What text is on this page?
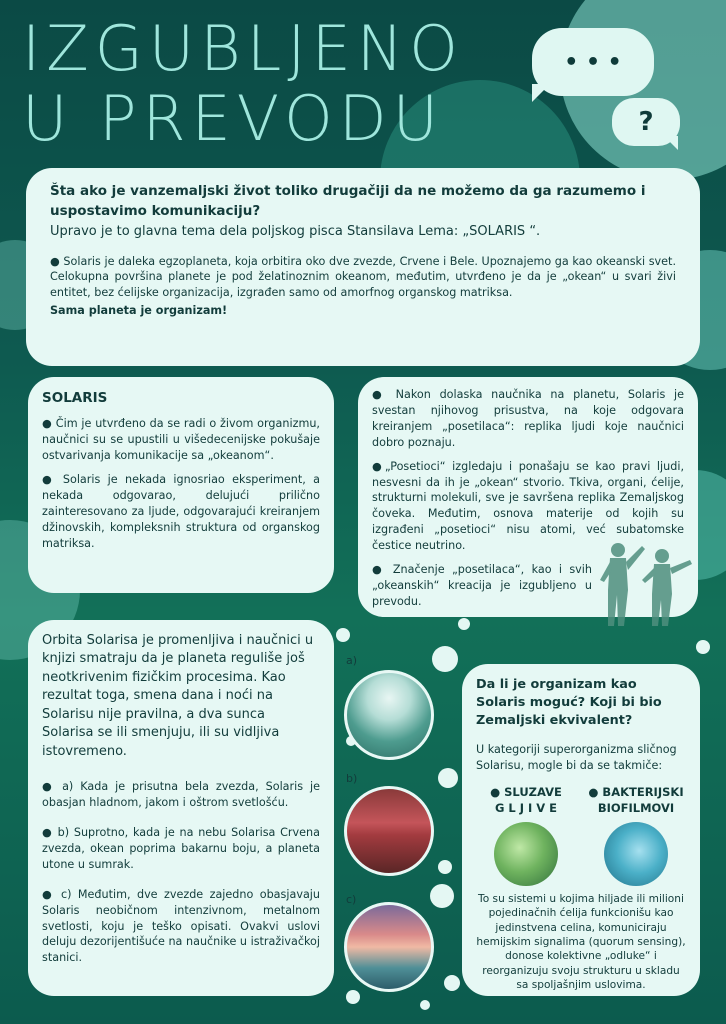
IZGUBLJENO
U PREVODU
• • •
?
Šta ako je vanzemaljski život toliko drugačiji da ne možemo da ga razumemo i uspostavimo komunikaciju?
Upravo je to glavna tema dela poljskog pisca Stansilava Lema: „SOLARIS “.
● Solaris je daleka egzoplaneta, koja orbitira oko dve zvezde, Crvene i Bele. Upoznajemo ga kao okeanski svet. Celokupna površina planete je pod želatinoznim okeanom, međutim, utvrđeno je da je „okean“ u svari živi entitet, bez ćelijske organizacija, izgrađen samo od amorfnog organskog matriksa.
Sama planeta je organizam!
SOLARIS

● Čim je utvrđeno da se radi o živom organizmu, naučnici su se upustili u višedecenijske pokušaje ostvarivanja komunikacije sa „okeanom“.

● Solaris je nekada ignosriao eksperiment, a nekada odgovarao, delujući prilično zainteresovano za ljude, odgovarajući kreiranjem džinovskih, kompleksnih struktura od organskog matriksa.

● Nakon dolaska naučnika na planetu, Solaris je svestan njihovog prisustva, na koje odgovara kreiranjem „posetilaca“: replika ljudi koje naučnici dobro poznaju.

●„Posetioci“ izgledaju i ponašaju se kao pravi ljudi, nesvesni da ih je „okean“ stvorio. Tkiva, organi, ćelije, strukturni molekuli, sve je savršena replika Zemaljskog čoveka. Međutim, osnova materije od kojih su izgrađeni „posetioci“ nisu atomi, već subatomske čestice neutrino.

● Značenje „posetilaca“, kao i svih „okeanskih“ kreacija je izgubljeno u prevodu.

Orbita Solarisa je promenljiva i naučnici u knjizi smatraju da je planeta reguliše još neotkrivenim fizičkim procesima. Kao rezultat toga, smena dana i noći na Solarisu nije pravilna, a dva sunca Solarisa se ili smenjuju, ili su vidljiva istovremeno.

● a) Kada je prisutna bela zvezda, Solaris je obasjan hladnom, jakom i oštrom svetlošću.

● b) Suprotno, kada je na nebu Solarisa Crvena zvezda, okean poprima bakarnu boju, a planeta utone u sumrak.

● c) Međutim, dve zvezde zajedno obasjavaju Solaris neobičnom intenzivnom, metalnom svetlosti, koju je teško opisati. Ovakvi uslovi deluju dezorijentišuće na naučnike u istraživačkoj stanici.

a)
b)
c)
Da li je organizam kao Solaris moguć? Koji bi bio Zemaljski ekvivalent?
U kategoriji superorganizma sličnog Solarisu, mogle bi da se takmiče:
● SLUZAVE
G L J I V E
● BAKTERIJSKI
BIOFILMOVI
To su sistemi u kojima hiljade ili milioni pojedinačnih ćelija funkcionišu kao jedinstvena celina, komuniciraju hemijskim signalima (quorum sensing), donose kolektivne „odluke“ i reorganizuju svoju strukturu u skladu sa spoljašnjim uslovima.
